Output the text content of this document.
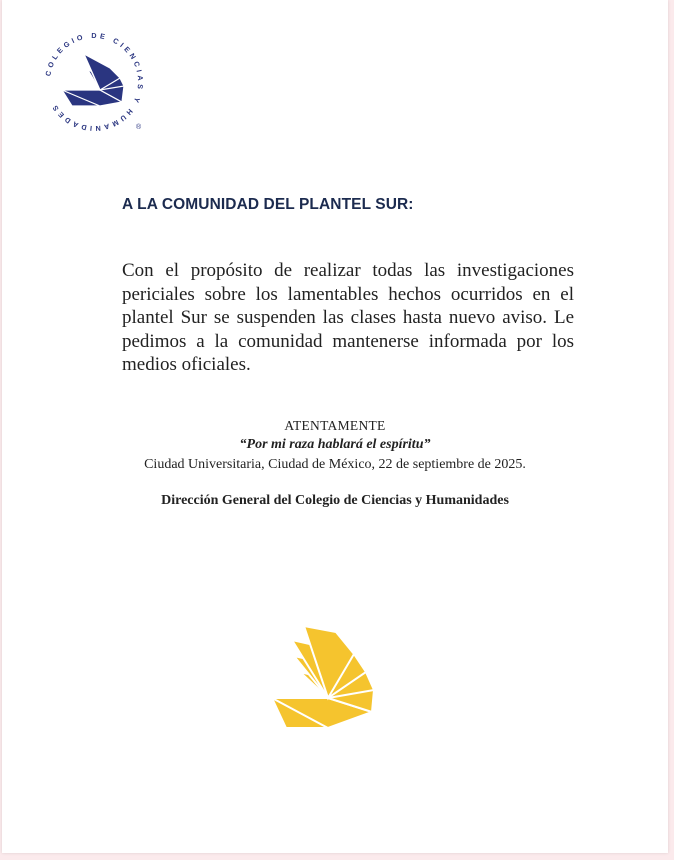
COLEGIO DE CIENCIAS Y HUMANIDADES
®
A LA COMUNIDAD DEL PLANTEL SUR:

Con el propósito de realizar todas las investigaciones periciales sobre los lamentables hechos ocurridos en el plantel Sur se suspenden las clases hasta nuevo aviso. Le pedimos a la comunidad mantenerse informada por los medios oficiales.

ATENTAMENTE

“Por mi raza hablará el espíritu”

Ciudad Universitaria, Ciudad de México, 22 de septiembre de 2025.

Dirección General del Colegio de Ciencias y Humanidades
